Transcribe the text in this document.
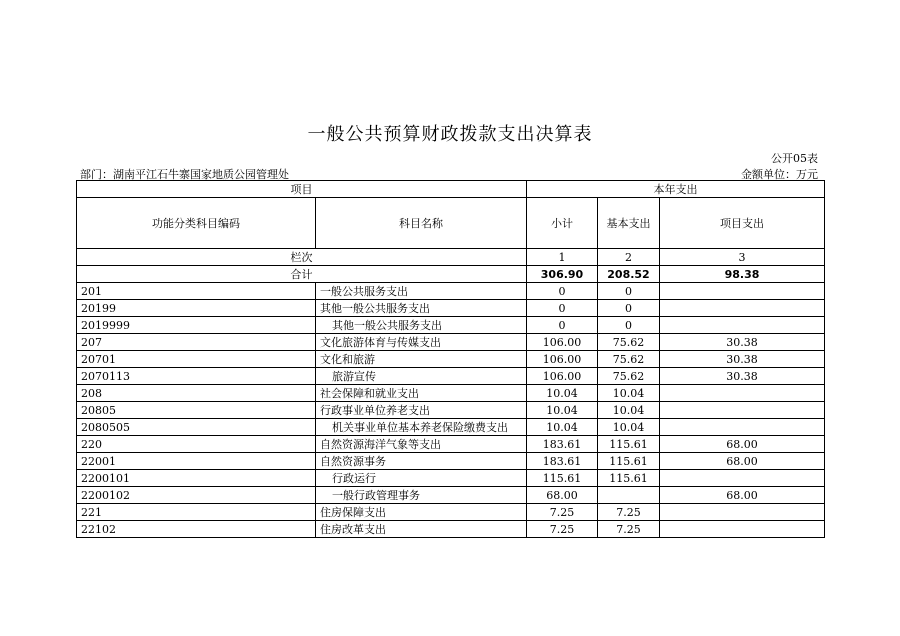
一般公共预算财政拨款支出决算表
公开05表
部门：湖南平江石牛寨国家地质公园管理处	金额单位：万元
项目		本年支出		
功能分类科目编码	科目名称	小计	基本支出	项目支出
栏次		1	2	3
合计		306.90	208.52	98.38
201	一般公共服务支出	0	0	
20199	其他一般公共服务支出	0	0	
2019999	其他一般公共服务支出	0	0	
207	文化旅游体育与传媒支出	106.00	75.62	30.38
20701	文化和旅游	106.00	75.62	30.38
2070113	旅游宣传	106.00	75.62	30.38
208	社会保障和就业支出	10.04	10.04	
20805	行政事业单位养老支出	10.04	10.04	
2080505	机关事业单位基本养老保险缴费支出	10.04	10.04	
220	自然资源海洋气象等支出	183.61	115.61	68.00
22001	自然资源事务	183.61	115.61	68.00
2200101	行政运行	115.61	115.61	
2200102	一般行政管理事务	68.00		68.00
221	住房保障支出	7.25	7.25	
22102	住房改革支出	7.25	7.25	
